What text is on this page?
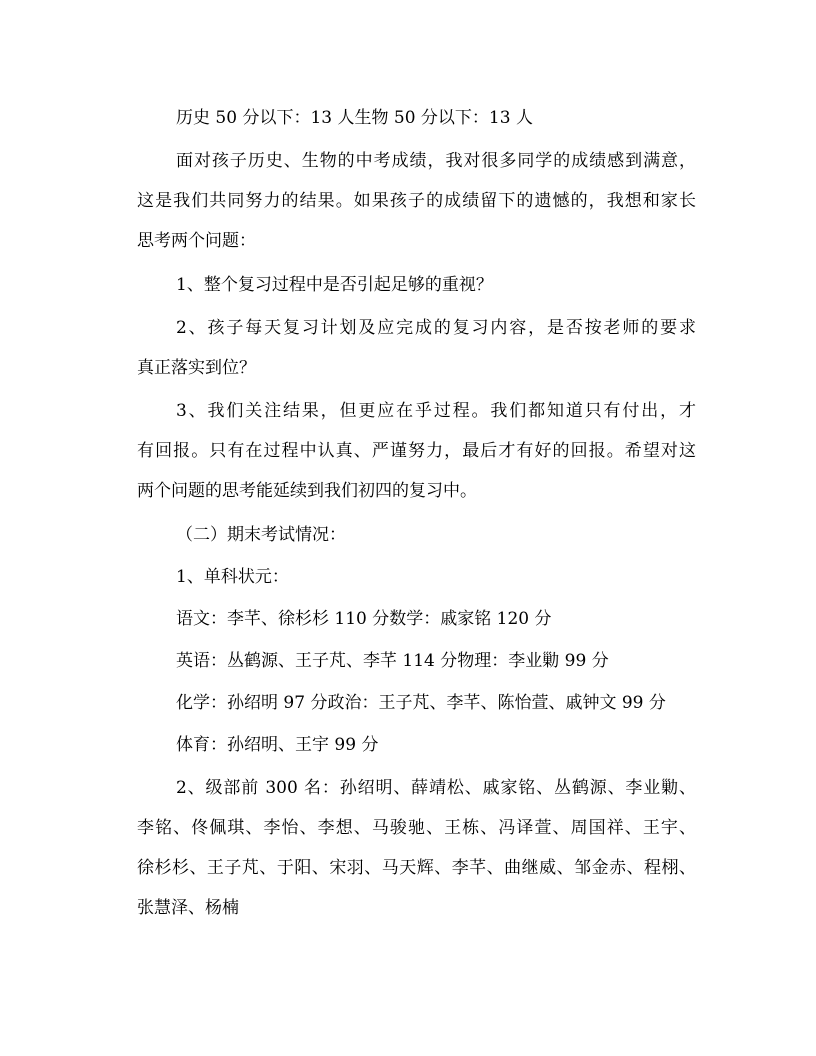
历史 50 分以下：13 人生物 50 分以下：13 人
面对孩子历史、生物的中考成绩，我对很多同学的成绩感到满意，
这是我们共同努力的结果。如果孩子的成绩留下的遗憾的，我想和家长
思考两个问题：
1、整个复习过程中是否引起足够的重视？
2、孩子每天复习计划及应完成的复习内容，是否按老师的要求
真正落实到位？
3、我们关注结果，但更应在乎过程。我们都知道只有付出，才
有回报。只有在过程中认真、严谨努力，最后才有好的回报。希望对这
两个问题的思考能延续到我们初四的复习中。
（二）期末考试情况：
1、单科状元：
语文：李芊、徐杉杉 110 分数学：戚家铭 120 分
英语：丛鹤源、王子芃、李芊 114 分物理：李业勦 99 分
化学：孙绍明 97 分政治：王子芃、李芊、陈怡萱、戚钟文 99 分
体育：孙绍明、王宇 99 分
2、级部前 300 名：孙绍明、薛靖松、戚家铭、丛鹤源、李业勦、
李铭、佟佩琪、李怡、李想、马骏驰、王栋、冯译萱、周国祥、王宇、
徐杉杉、王子芃、于阳、宋羽、马天辉、李芊、曲继威、邹金赤、程栩、
张慧泽、杨楠
